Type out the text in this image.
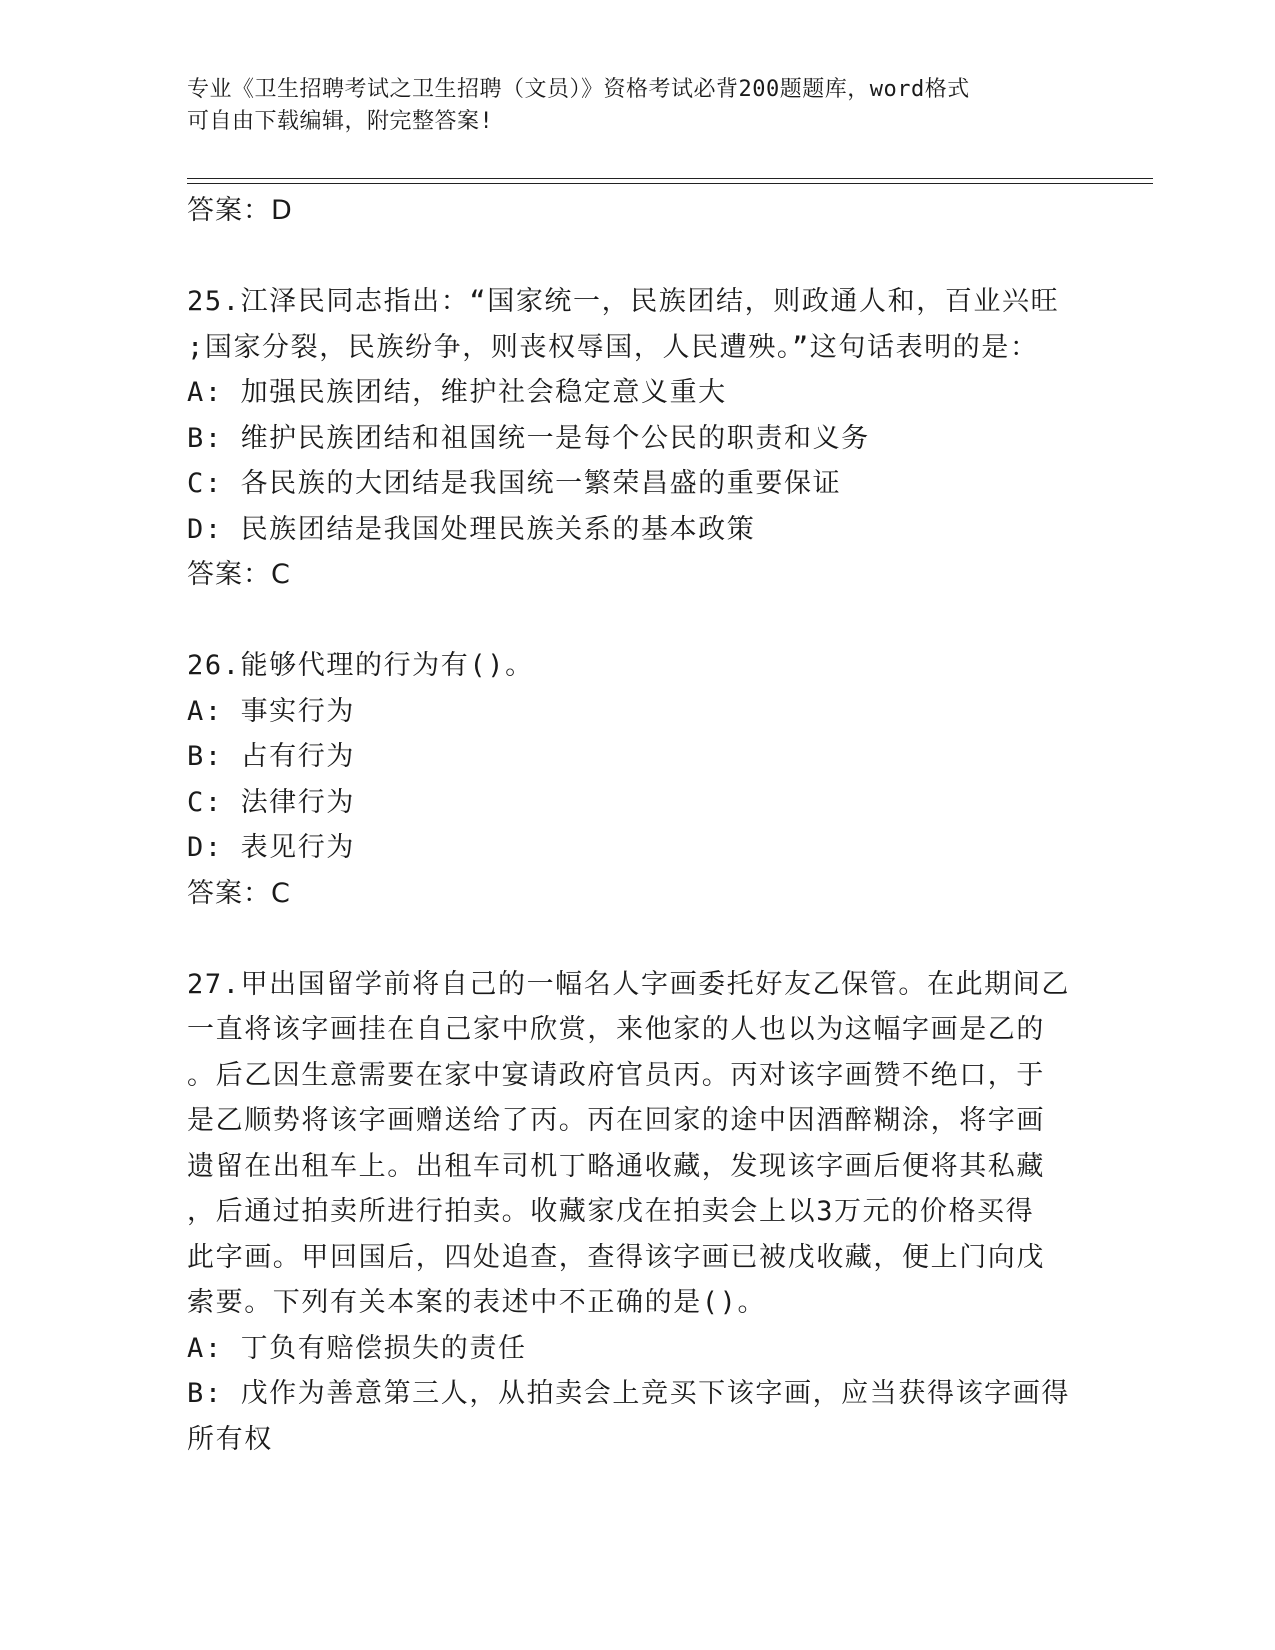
专业《卫生招聘考试之卫生招聘（文员）》资格考试必背200题题库，word格式
可自由下载编辑，附完整答案!
答案：D
25.江泽民同志指出：“国家统一，民族团结，则政通人和，百业兴旺
;国家分裂，民族纷争，则丧权辱国，人民遭殃。”这句话表明的是：
A: 加强民族团结，维护社会稳定意义重大
B: 维护民族团结和祖国统一是每个公民的职责和义务
C: 各民族的大团结是我国统一繁荣昌盛的重要保证
D: 民族团结是我国处理民族关系的基本政策
答案：C
26.能够代理的行为有()。
A: 事实行为
B: 占有行为
C: 法律行为
D: 表见行为
答案：C
27.甲出国留学前将自己的一幅名人字画委托好友乙保管。在此期间乙
一直将该字画挂在自己家中欣赏，来他家的人也以为这幅字画是乙的
。后乙因生意需要在家中宴请政府官员丙。丙对该字画赞不绝口，于
是乙顺势将该字画赠送给了丙。丙在回家的途中因酒醉糊涂，将字画
遗留在出租车上。出租车司机丁略通收藏，发现该字画后便将其私藏
，后通过拍卖所进行拍卖。收藏家戊在拍卖会上以3万元的价格买得
此字画。甲回国后，四处追查，查得该字画已被戊收藏，便上门向戊
索要。下列有关本案的表述中不正确的是()。
A: 丁负有赔偿损失的责任
B: 戊作为善意第三人，从拍卖会上竞买下该字画，应当获得该字画得
所有权
